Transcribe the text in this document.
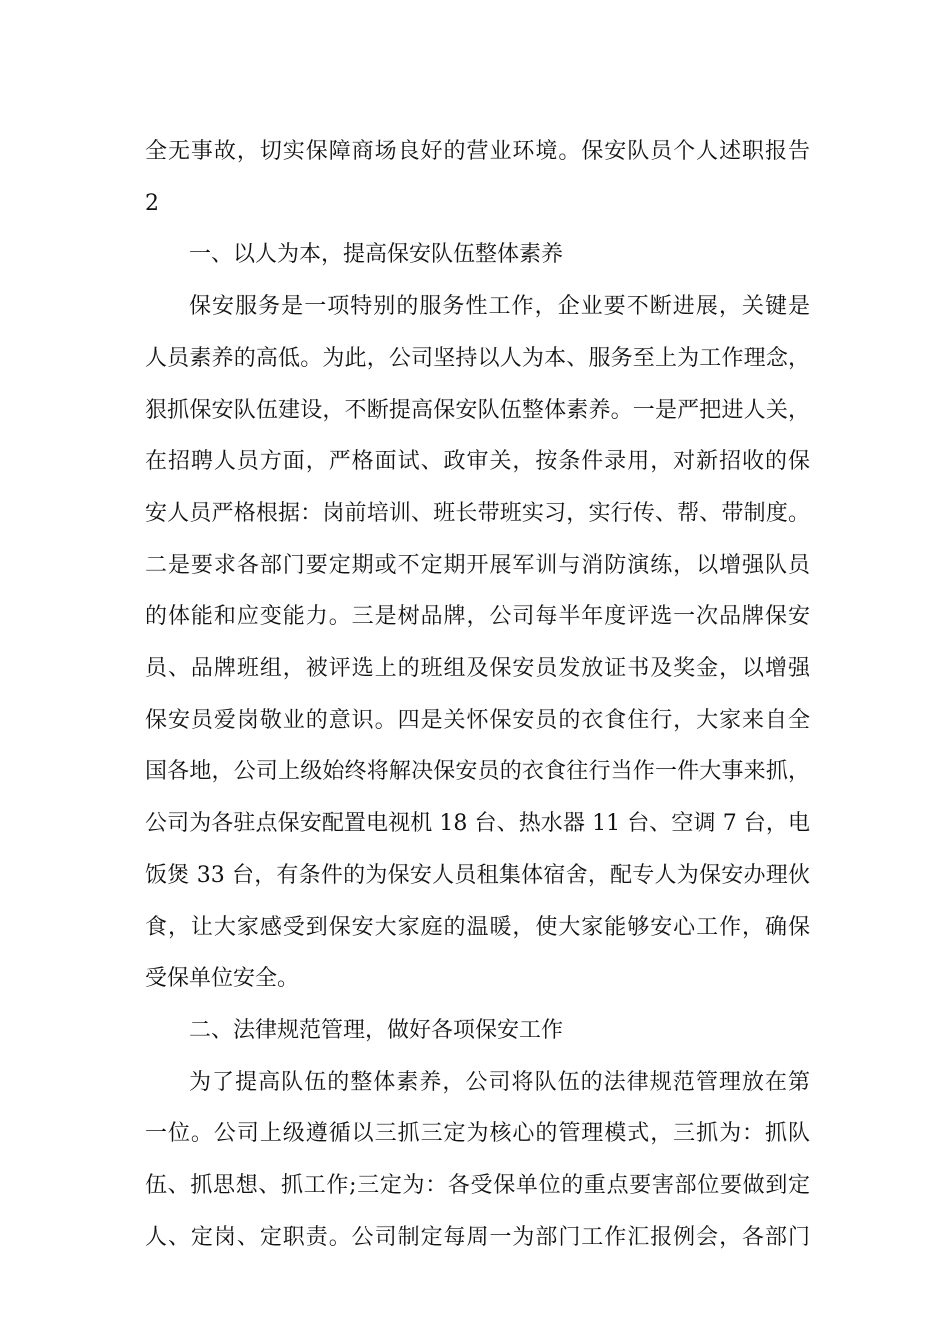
全无事故，切实保障商场良好的营业环境。保安队员个人述职报告
2
一、以人为本，提高保安队伍整体素养
保安服务是一项特别的服务性工作，企业要不断进展，关键是
人员素养的高低。为此，公司坚持以人为本、服务至上为工作理念，
狠抓保安队伍建设，不断提高保安队伍整体素养。一是严把进人关，
在招聘人员方面，严格面试、政审关，按条件录用，对新招收的保
安人员严格根据：岗前培训、班长带班实习，实行传、帮、带制度。
二是要求各部门要定期或不定期开展军训与消防演练，以增强队员
的体能和应变能力。三是树品牌，公司每半年度评选一次品牌保安
员、品牌班组，被评选上的班组及保安员发放证书及奖金，以增强
保安员爱岗敬业的意识。四是关怀保安员的衣食住行，大家来自全
国各地，公司上级始终将解决保安员的衣食往行当作一件大事来抓，
公司为各驻点保安配置电视机 18 台、热水器 11 台、空调 7 台，电
饭煲 33 台，有条件的为保安人员租集体宿舍，配专人为保安办理伙
食，让大家感受到保安大家庭的温暖，使大家能够安心工作，确保
受保单位安全。
二、法律规范管理，做好各项保安工作
为了提高队伍的整体素养，公司将队伍的法律规范管理放在第
一位。公司上级遵循以三抓三定为核心的管理模式，三抓为：抓队
伍、抓思想、抓工作;三定为：各受保单位的重点要害部位要做到定
人、定岗、定职责。公司制定每周一为部门工作汇报例会，各部门
